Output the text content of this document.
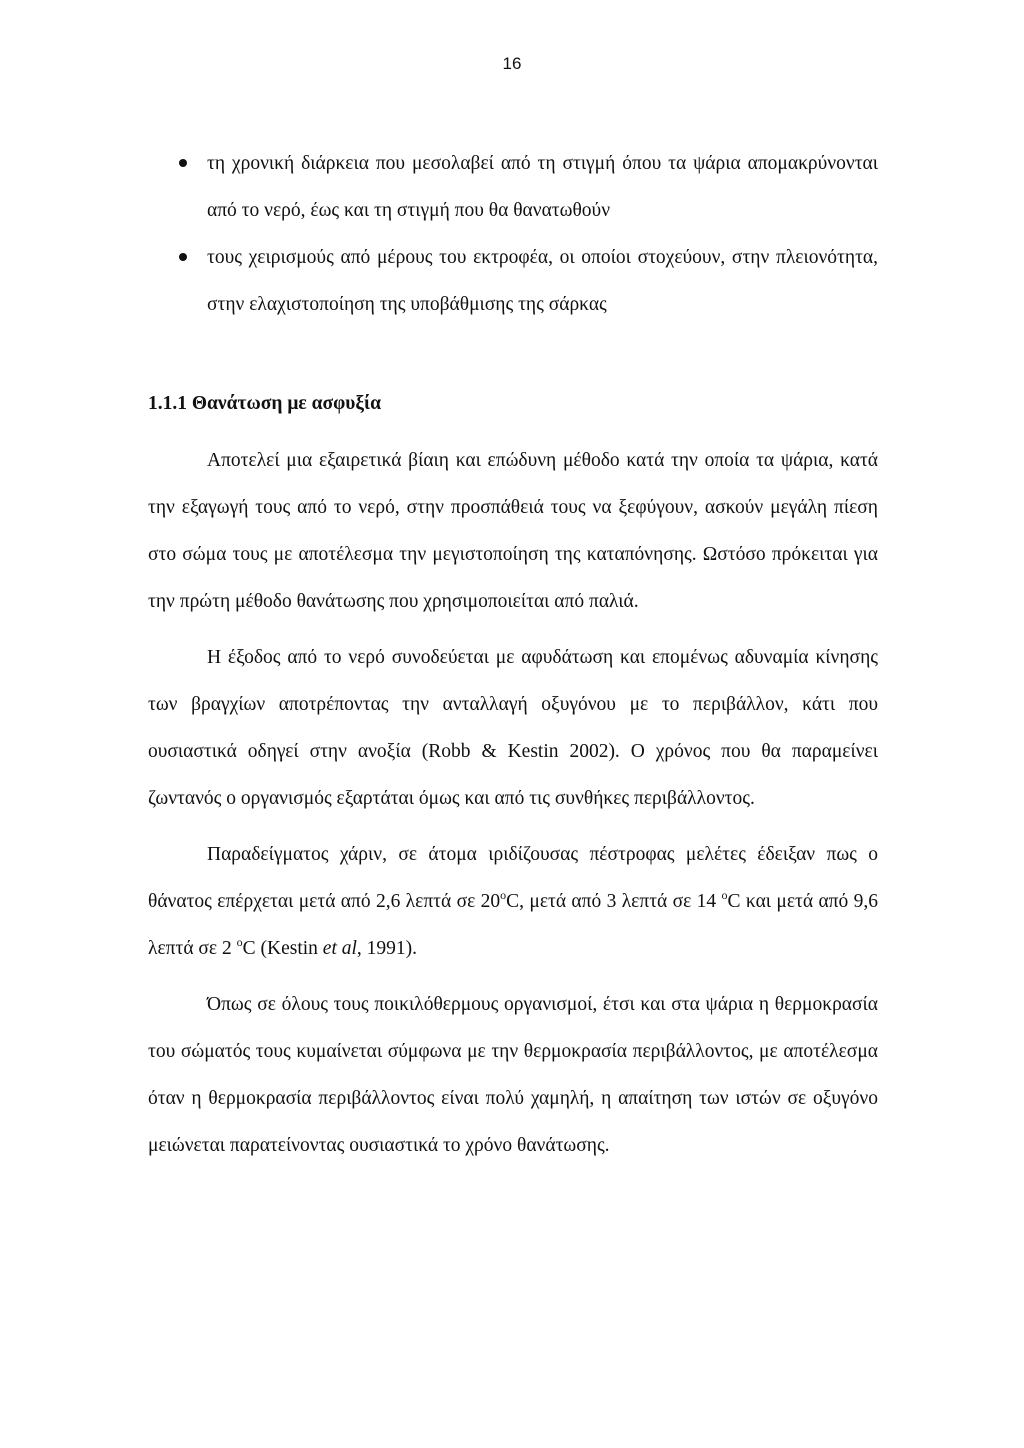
16
τη χρονική διάρκεια που μεσολαβεί από τη στιγμή όπου τα ψάρια απομακρύνονται από το νερό, έως και τη στιγμή που θα θανατωθούν
τους χειρισμούς από μέρους του εκτροφέα, οι οποίοι στοχεύουν, στην πλειονότητα, στην ελαχιστοποίηση της υποβάθμισης της σάρκας
1.1.1 Θανάτωση με ασφυξία

Αποτελεί μια εξαιρετικά βίαιη και επώδυνη μέθοδο κατά την οποία τα ψάρια, κατά την εξαγωγή τους από το νερό, στην προσπάθειά τους να ξεφύγουν, ασκούν μεγάλη πίεση στο σώμα τους με αποτέλεσμα την μεγιστοποίηση της καταπόνησης. Ωστόσο πρόκειται για την πρώτη μέθοδο θανάτωσης που χρησιμοποιείται από παλιά.

Η έξοδος από το νερό συνοδεύεται με αφυδάτωση και επομένως αδυναμία κίνησης των βραγχίων αποτρέποντας την ανταλλαγή οξυγόνου με το περιβάλλον, κάτι που ουσιαστικά οδηγεί στην ανοξία (Robb & Kestin 2002). Ο χρόνος που θα παραμείνει ζωντανός ο οργανισμός εξαρτάται όμως και από τις συνθήκες περιβάλλοντος.

Παραδείγματος χάριν, σε άτομα ιριδίζουσας πέστροφας μελέτες έδειξαν πως ο θάνατος επέρχεται μετά από 2,6 λεπτά σε 20$^o$C, μετά από 3 λεπτά σε 14 $^o$C και μετά από 9,6 λεπτά σε 2 $^o$C (Kestin et al, 1991).

Όπως σε όλους τους ποικιλόθερμους οργανισμοί, έτσι και στα ψάρια η θερμοκρασία του σώματός τους κυμαίνεται σύμφωνα με την θερμοκρασία περιβάλλοντος, με αποτέλεσμα όταν η θερμοκρασία περιβάλλοντος είναι πολύ χαμηλή, η απαίτηση των ιστών σε οξυγόνο μειώνεται παρατείνοντας ουσιαστικά το χρόνο θανάτωσης.
